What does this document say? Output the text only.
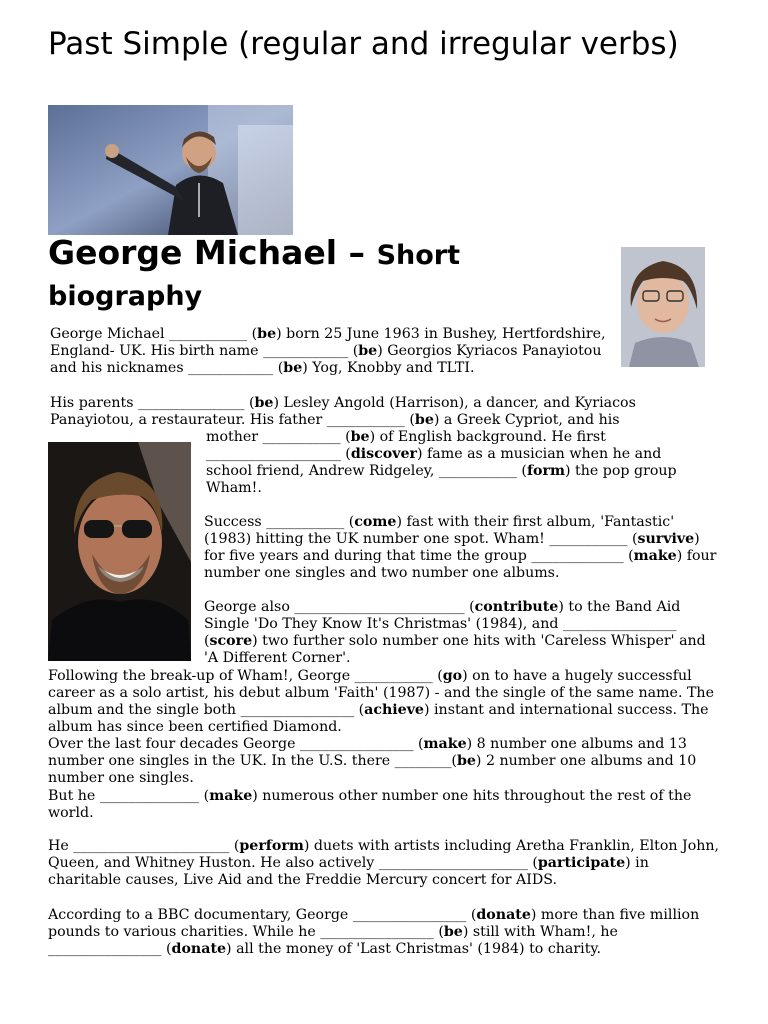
Past Simple (regular and irregular verbs)
George Michael – Short
biography

George Michael ___________ (be) born 25 June 1963 in Bushey, Hertfordshire, England- UK. His birth name ____________ (be) Georgios Kyriacos Panayiotou and his nicknames ____________ (be) Yog, Knobby and TLTI.

His parents _______________ (be) Lesley Angold (Harrison), a dancer, and Kyriacos Panayiotou, a restaurateur. His father ___________ (be) a Greek Cypriot, and his

mother ___________ (be) of English background. He first ___________________ (discover) fame as a musician when he and school friend, Andrew Ridgeley, ___________ (form) the pop group Wham!.

Success ___________ (come) fast with their first album, 'Fantastic' (1983) hitting the UK number one spot. Wham! ___________ (survive) for five years and during that time the group _____________ (make) four number one singles and two number one albums.

George also ________________________ (contribute) to the Band Aid Single 'Do They Know It's Christmas' (1984), and ________________ (score) two further solo number one hits with 'Careless Whisper' and 'A Different Corner'.

Following the break-up of Wham!, George ___________ (go) on to have a hugely successful career as a solo artist, his debut album 'Faith' (1987) - and the single of the same name. The album and the single both ________________ (achieve) instant and international success. The album has since been certified Diamond.

Over the last four decades George ________________ (make) 8 number one albums and 13 number one singles in the UK. In the U.S. there ________(be) 2 number one albums and 10 number one singles.

But he ______________ (make) numerous other number one hits throughout the rest of the world.

He ______________________ (perform) duets with artists including Aretha Franklin, Elton John, Queen, and Whitney Huston. He also actively _____________________ (participate) in charitable causes, Live Aid and the Freddie Mercury concert for AIDS.

According to a BBC documentary, George ________________ (donate) more than five million pounds to various charities. While he ________________ (be) still with Wham!, he ________________ (donate) all the money of 'Last Christmas' (1984) to charity.
